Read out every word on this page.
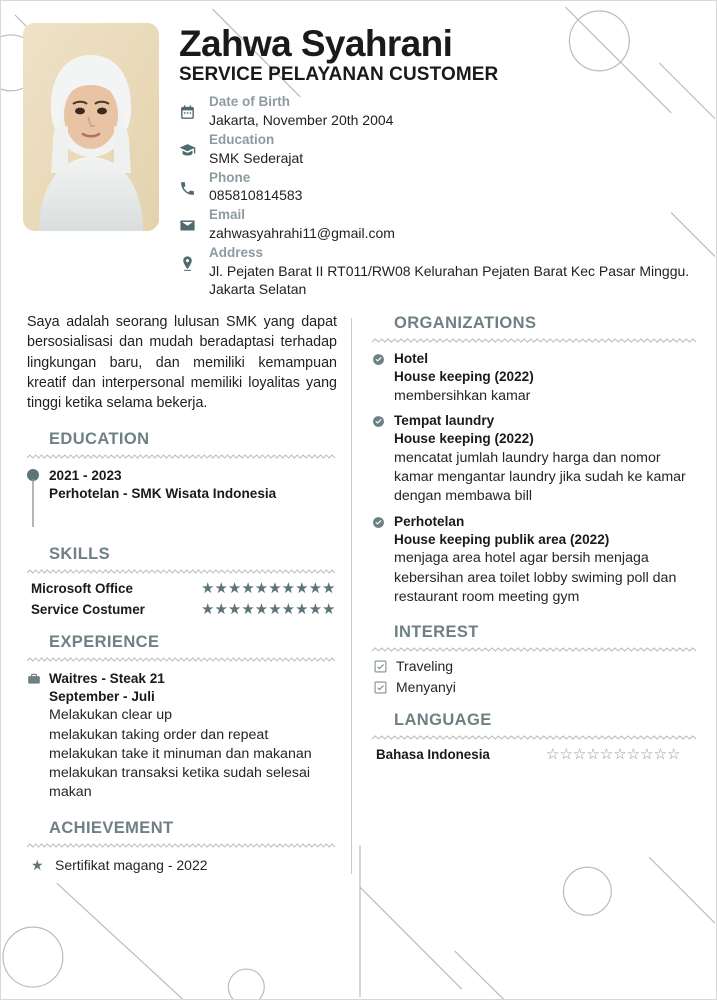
Zahwa Syahrani
SERVICE PELAYANAN CUSTOMER
Date of Birth
Jakarta, November 20th 2004
Education
SMK Sederajat
Phone
085810814583
Email
zahwasyahrahi11@gmail.com
Address
Jl. Pejaten Barat II RT011/RW08 Kelurahan Pejaten Barat Kec Pasar Minggu. Jakarta Selatan
Saya adalah seorang lulusan SMK yang dapat bersosialisasi dan mudah beradaptasi terhadap lingkungan baru, dan memiliki kemampuan kreatif dan interpersonal memiliki loyalitas yang tinggi ketika selama bekerja.
EDUCATION
2021 - 2023
Perhotelan - SMK Wisata Indonesia
SKILLS
Microsoft Office	★★★★★★★★★★
Service Costumer	★★★★★★★★★★
EXPERIENCE
Waitres - Steak 21
September - Juli
Melakukan clear up
melakukan taking order dan repeat
melakukan take it minuman dan makanan
melakukan transaksi ketika sudah selesai makan
ACHIEVEMENT
★ Sertifikat magang - 2022
ORGANIZATIONS
Hotel
House keeping (2022)
membersihkan kamar
Tempat laundry
House keeping (2022)
mencatat jumlah laundry harga dan nomor kamar mengantar laundry jika sudah ke kamar dengan membawa bill
Perhotelan
House keeping publik area (2022)
menjaga area hotel agar bersih menjaga kebersihan area toilet lobby swiming poll dan restaurant room meeting gym
INTEREST
Traveling
Menyanyi
LANGUAGE
Bahasa Indonesia	☆☆☆☆☆☆☆☆☆☆
